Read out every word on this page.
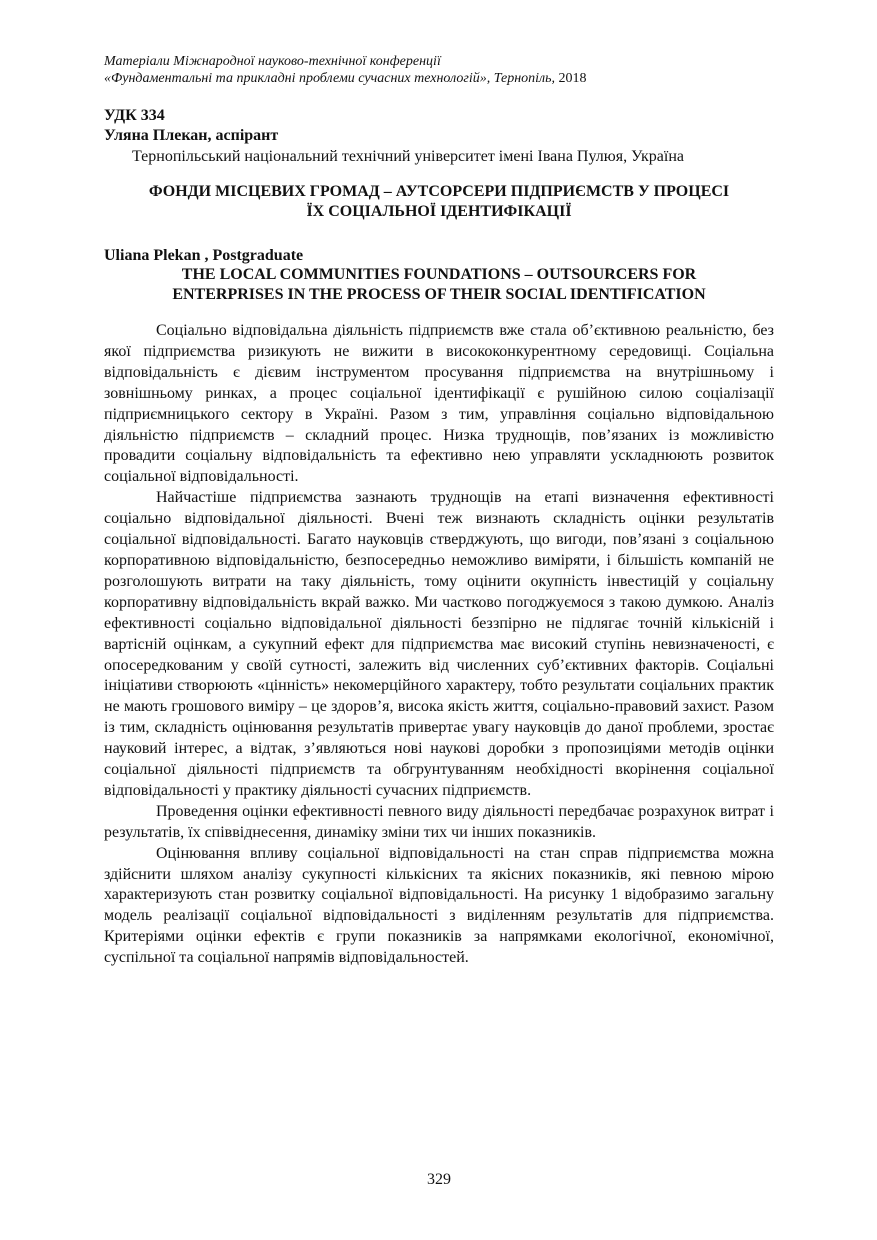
Матеріали Міжнародної науково-технічної конференції
«Фундаментальні та прикладні проблеми сучасних технологій», Тернопіль, 2018
УДК 334
Уляна Плекан, аспірант
Тернопільський національний технічний університет імені Івана Пулюя, Україна
ФОНДИ МІСЦЕВИХ ГРОМАД – АУТСОРСЕРИ ПІДПРИЄМСТВ У ПРОЦЕСІ
ЇХ СОЦІАЛЬНОЇ ІДЕНТИФІКАЦІЇ
Uliana Plekan , Postgraduate
THE LOCAL COMMUNITIES FOUNDATIONS – OUTSOURCERS FOR
ENTERPRISES IN THE PROCESS OF THEIR SOCIAL IDENTIFICATION

Соціально відповідальна діяльність підприємств вже стала об’єктивною реальністю, без якої підприємства ризикують не вижити в висококонкурентному середовищі. Соціальна відповідальність є дієвим інструментом просування підприємства на внутрішньому і зовнішньому ринках, а процес соціальної ідентифікації є рушійною силою соціалізації підприємницького сектору в Україні. Разом з тим, управління соціально відповідальною діяльністю підприємств – складний процес. Низка труднощів, пов’язаних із можливістю провадити соціальну відповідальність та ефективно нею управляти ускладнюють розвиток соціальної відповідальності.

Найчастіше підприємства зазнають труднощів на етапі визначення ефективності соціально відповідальної діяльності. Вчені теж визнають складність оцінки результатів соціальної відповідальності. Багато науковців стверджують, що вигоди, пов’язані з соціальною корпоративною відповідальністю, безпосередньо неможливо виміряти, і більшість компаній не розголошують витрати на таку діяльність, тому оцінити окупність інвестицій у соціальну корпоративну відповідальність вкрай важко. Ми частково погоджуємося з такою думкою. Аналіз ефективності соціально відповідальної діяльності беззпірно не підлягає точній кількісній і вартісній оцінкам, а сукупний ефект для підприємства має високий ступінь невизначеності, є опосередкованим у своїй сутності, залежить від численних суб’єктивних факторів. Соціальні ініціативи створюють «цінність» некомерційного характеру, тобто результати соціальних практик не мають грошового виміру – це здоров’я, висока якість життя, соціально-правовий захист. Разом із тим, складність оцінювання результатів привертає увагу науковців до даної проблеми, зростає науковий інтерес, а відтак, з’являються нові наукові доробки з пропозиціями методів оцінки соціальної діяльності підприємств та обгрунтуванням необхідності вкорінення соціальної відповідальності у практику діяльності сучасних підприємств.

Проведення оцінки ефективності певного виду діяльності передбачає розрахунок витрат і результатів, їх співвіднесення, динаміку зміни тих чи інших показників.

Оцінювання впливу соціальної відповідальності на стан справ підприємства можна здійснити шляхом аналізу сукупності кількісних та якісних показників, які певною мірою характеризують стан розвитку соціальної відповідальності. На рисунку 1 відобразимо загальну модель реалізації соціальної відповідальності з виділенням результатів для підприємства. Критеріями оцінки ефектів є групи показників за напрямками екологічної, економічної, суспільної та соціальної напрямів відповідальностей.

329
